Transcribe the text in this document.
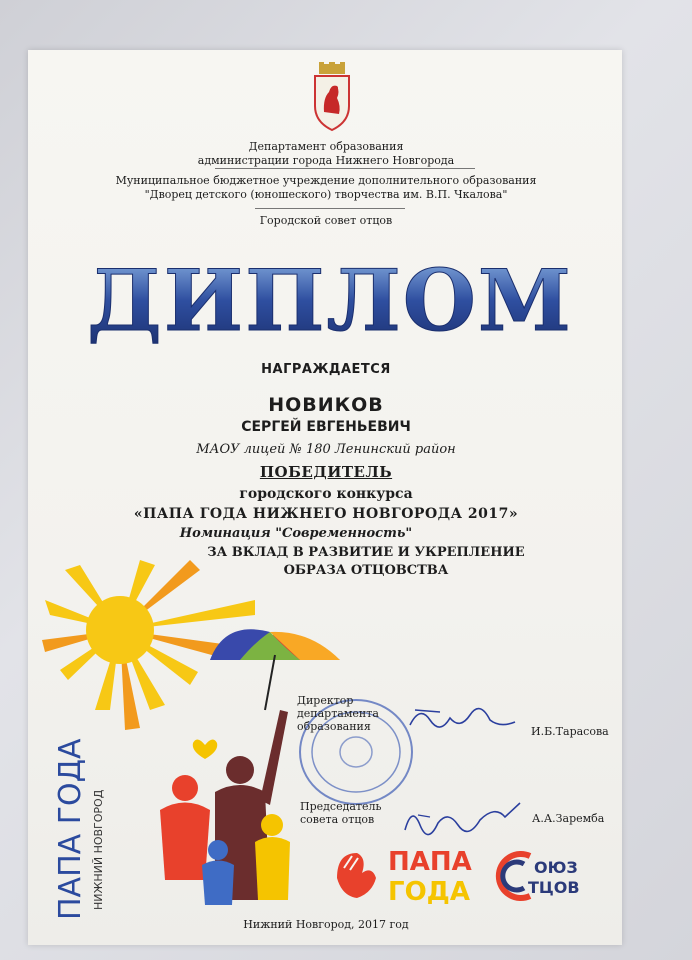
Департамент образования
администрации города Нижнего Новгорода
Муниципальное бюджетное учреждение дополнительного образования
"Дворец детского (юношеского) творчества им. В.П. Чкалова"
Городской совет отцов
ДИПЛОМ
НАГРАЖДАЕТСЯ
НОВИКОВ
СЕРГЕЙ ЕВГЕНЬЕВИЧ
МАОУ лицей № 180 Ленинский район
ПОБЕДИТЕЛЬ
городского конкурса
«ПАПА ГОДА НИЖНЕГО НОВГОРОДА 2017»
Номинация "Современность"
ЗА ВКЛАД В РАЗВИТИЕ И УКРЕПЛЕНИЕ
ОБРАЗА ОТЦОВСТВА
ПАПА ГОДА НИЖНИЙ НОВГОРОД
Директор
департамента
образования	И.Б.Тарасова
Председатель
совета отцов	А.А.Заремба
ПАПА
ГОДА
ОЮЗ
ТЦОВ
Нижний Новгород, 2017 год
